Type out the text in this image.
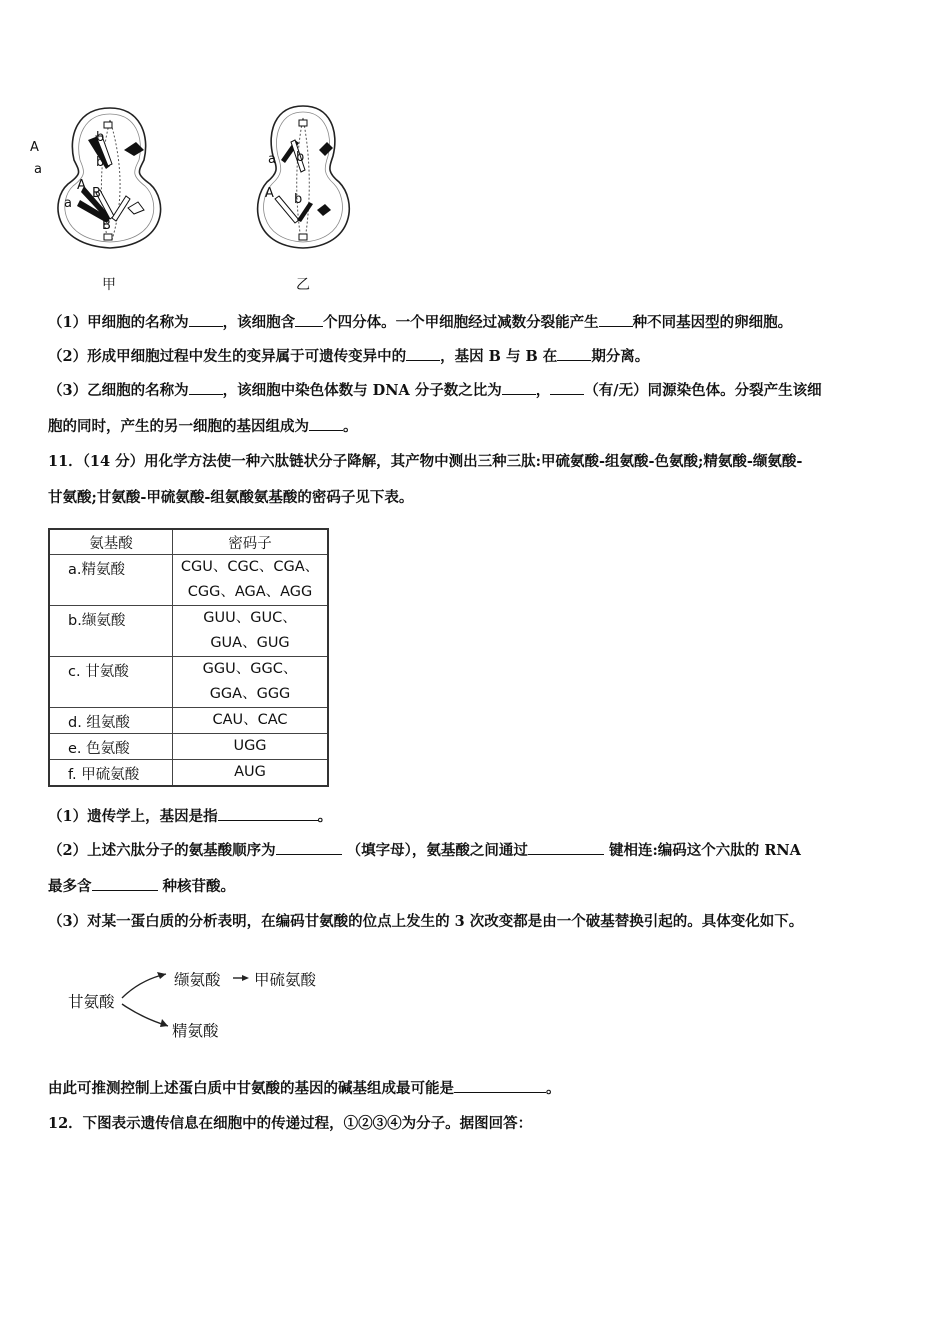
A
a
b
b
A
a
B
B
甲
a b
A b
乙
（1）甲细胞的名称为 ，该细胞含 个四分体。一个甲细胞经过减数分裂能产生 种不同基因型的卵细胞。
（2）形成甲细胞过程中发生的变异属于可遗传变异中的 ，基因 B 与 B 在 期分离。
（3）乙细胞的名称为 ，该细胞中染色体数与 DNA 分子数之比为 ， （有/无）同源染色体。分裂产生该细
胞的同时，产生的另一细胞的基因组成为 。
11．（14 分）用化学方法使一种六肽链状分子降解，其产物中测出三种三肽:甲硫氨酸-组氨酸-色氨酸;精氨酸-缬氨酸-
甘氨酸;甘氨酸-甲硫氨酸-组氨酸氨基酸的密码子见下表。
氨基酸	密码子
a.精氨酸	CGU、CGC、CGA、
CGG、AGA、AGG

b.缬氨酸	GUU、GUC、
GUA、GUG

c. 甘氨酸	GGU、GGC、
GGA、GGG

d. 组氨酸	CAU、CAC
e. 色氨酸	UGG
f. 甲硫氨酸	AUG
（1）遗传学上，基因是指	。
（2）上述六肽分子的氨基酸顺序为	（填字母），氨基酸之间通过	键相连:编码这个六肽的 RNA
最多含	种核苷酸。
（3）对某一蛋白质的分析表明，在编码甘氨酸的位点上发生的 3 次改变都是由一个破基替换引起的。具体变化如下。
甘氨酸
缬氨酸 甲硫氨酸
精氨酸
由此可推测控制上述蛋白质中甘氨酸的基因的碱基组成最可能是	。
12．下图表示遗传信息在细胞中的传递过程，①②③④为分子。据图回答：
